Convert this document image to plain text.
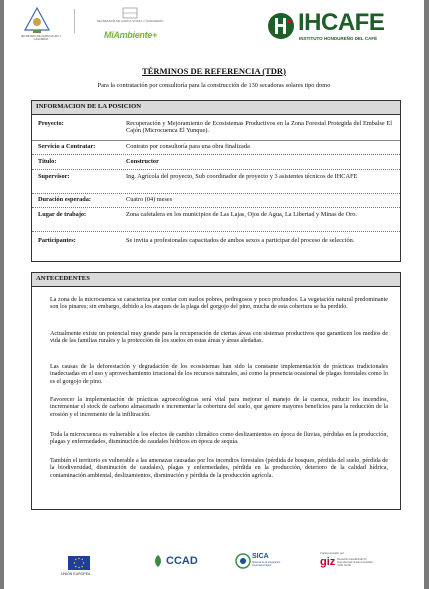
SECRETARIA DE AGRICULTURA Y GANADERÍA
SECRETARÍA DE AGRICULTURA Y GANADERÍA
MiAmbiente+	IHCAFE
INSTITUTO HONDUREÑO DEL CAFÉ
TÉRMINOS DE REFERENCIA (TDR)
Para la contratación por consultoría para la construcción de 130 secadoras solares tipo domo
INFORMACION DE LA POSICION
Proyecto:	Recuperación y Mejoramiento de Ecosistemas Productivos en la Zona Forestal Protegida del Embalse El Cajón (Microcuenca El Yunque).
Servicio a Contratar:	Contrato por consultoría para una obra finalizada
Titulo:	Constructor
Supervisor:	Ing. Agrícola del proyecto, Sub coordinador de proyecto y 3 asistentes técnicos de IHCAFE
Duración esperada:	Cuatro (04) meses
Lugar de trabajo:	Zona cafetalera en los municipios de Las Lajas, Ojos de Agua, La Libertad y Minas de Oro.
Participantes:	Se invita a profesionales capacitados de ambos sexos a participar del proceso de selección.
ANTECEDENTES
La zona de la microcuenca se caracteriza por contar con suelos pobres, pedregosos y poco profundos. La vegetación natural predominante son los pinares; sin embargo, debido a los ataques de la plaga del gorgojo del pino, mucha de esta cobertura se ha perdido.
Actualmente existe un potencial muy grande para la recuperación de ciertas áreas con sistemas productivos que garanticen los medios de vida de las familias rurales y la protección de los suelos en estas áreas y áreas aledañas.
Las causas de la deforestación y degradación de los ecosistemas han sido la constante implementación de prácticas tradicionales inadecuadas en el uso y aprovechamiento irracional de los recursos naturales, así como la presencia ocasional de plagas forestales como lo es el gorgojo de pino.
Favorecer la implementación de prácticas agroecológicas será vital para mejorar el manejo de la cuenca, reducir los incendios, incrementar el stock de carbono almacenado e incrementar la cobertura del suelo, que genere mayores beneficios para la reducción de la erosión y el incremento de la infiltración.
Toda la microcuenca es vulnerable a los efectos de cambio climático como deslizamientos en época de lluvias, pérdidas en la producción, plagas y enfermedades, disminución de caudales hídricos en época de sequía.
También el territorio es vulnerable a las amenazas causadas por los incendios forestales (pérdida de bosques, pérdida del suelo, pérdida de la biodiversidad, disminución de caudales), plagas y enfermedades, pérdida en la producción, deterioro de la calidad hídrica, contaminación ambiental, deslizamientos, disminución y pérdida de la producción agrícola.
UNIÓN EUROPEA
CCAD	SICA
Sistema de la Integración Centroamericana
Implementado por
giz Deutsche Gesellschaft für Internationale Zusammenarbeit (GIZ) GmbH
